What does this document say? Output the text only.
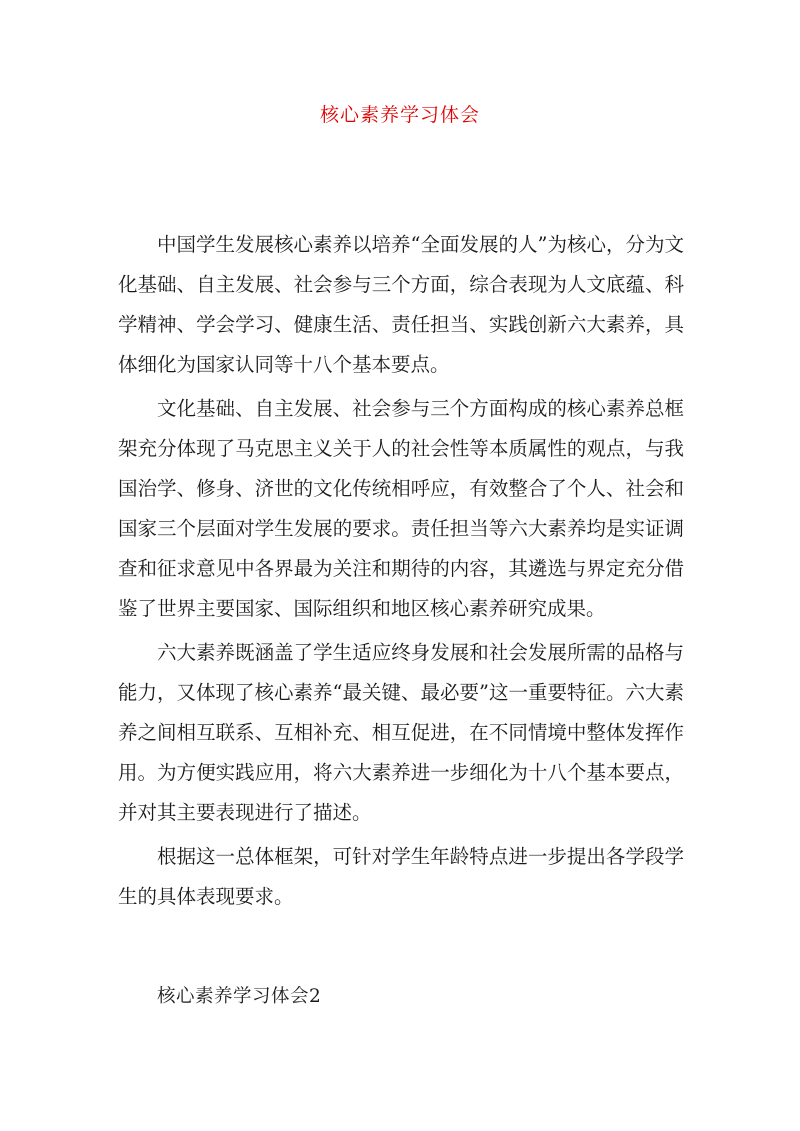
核心素养学习体会

中国学生发展核心素养以培养“全面发展的人”为核心，分为文化基础、自主发展、社会参与三个方面，综合表现为人文底蕴、科学精神、学会学习、健康生活、责任担当、实践创新六大素养，具体细化为国家认同等十八个基本要点。

文化基础、自主发展、社会参与三个方面构成的核心素养总框架充分体现了马克思主义关于人的社会性等本质属性的观点，与我国治学、修身、济世的文化传统相呼应，有效整合了个人、社会和国家三个层面对学生发展的要求。责任担当等六大素养均是实证调查和征求意见中各界最为关注和期待的内容，其遴选与界定充分借鉴了世界主要国家、国际组织和地区核心素养研究成果。

六大素养既涵盖了学生适应终身发展和社会发展所需的品格与能力，又体现了核心素养“最关键、最必要”这一重要特征。六大素养之间相互联系、互相补充、相互促进，在不同情境中整体发挥作用。为方便实践应用，将六大素养进一步细化为十八个基本要点，并对其主要表现进行了描述。

根据这一总体框架，可针对学生年龄特点进一步提出各学段学生的具体表现要求。

核心素养学习体会2
